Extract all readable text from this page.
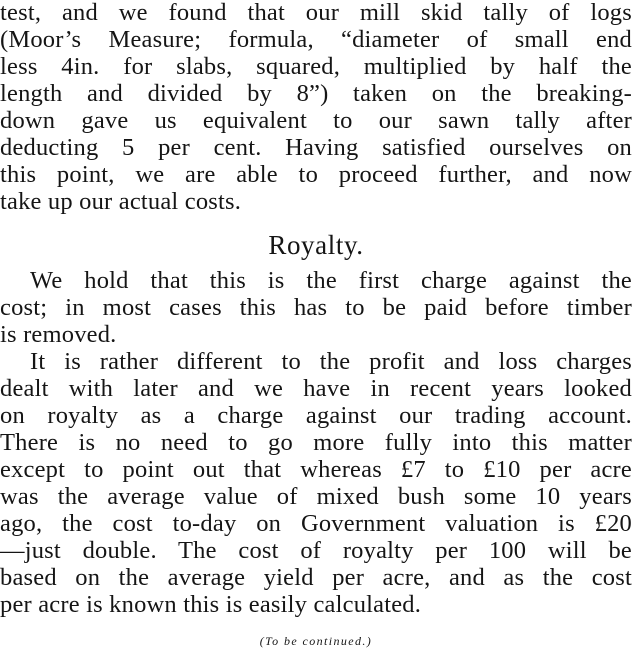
test, and we found that our mill skid tally of logs
(Moor’s Measure; formula, “diameter of small end
less 4in. for slabs, squared, multiplied by half the
length and divided by 8”) taken on the breaking-
down gave us equivalent to our sawn tally after
deducting 5 per cent. Having satisfied ourselves on
this point, we are able to proceed further, and now
take up our actual costs.
Royalty.
We hold that this is the first charge against the
cost; in most cases this has to be paid before timber
is removed.
It is rather different to the profit and loss charges
dealt with later and we have in recent years looked
on royalty as a charge against our trading account.
There is no need to go more fully into this matter
except to point out that whereas £7 to £10 per acre
was the average value of mixed bush some 10 years
ago, the cost to-day on Government valuation is £20
—just double. The cost of royalty per 100 will be
based on the average yield per acre, and as the cost
per acre is known this is easily calculated.
(To be continued.)
